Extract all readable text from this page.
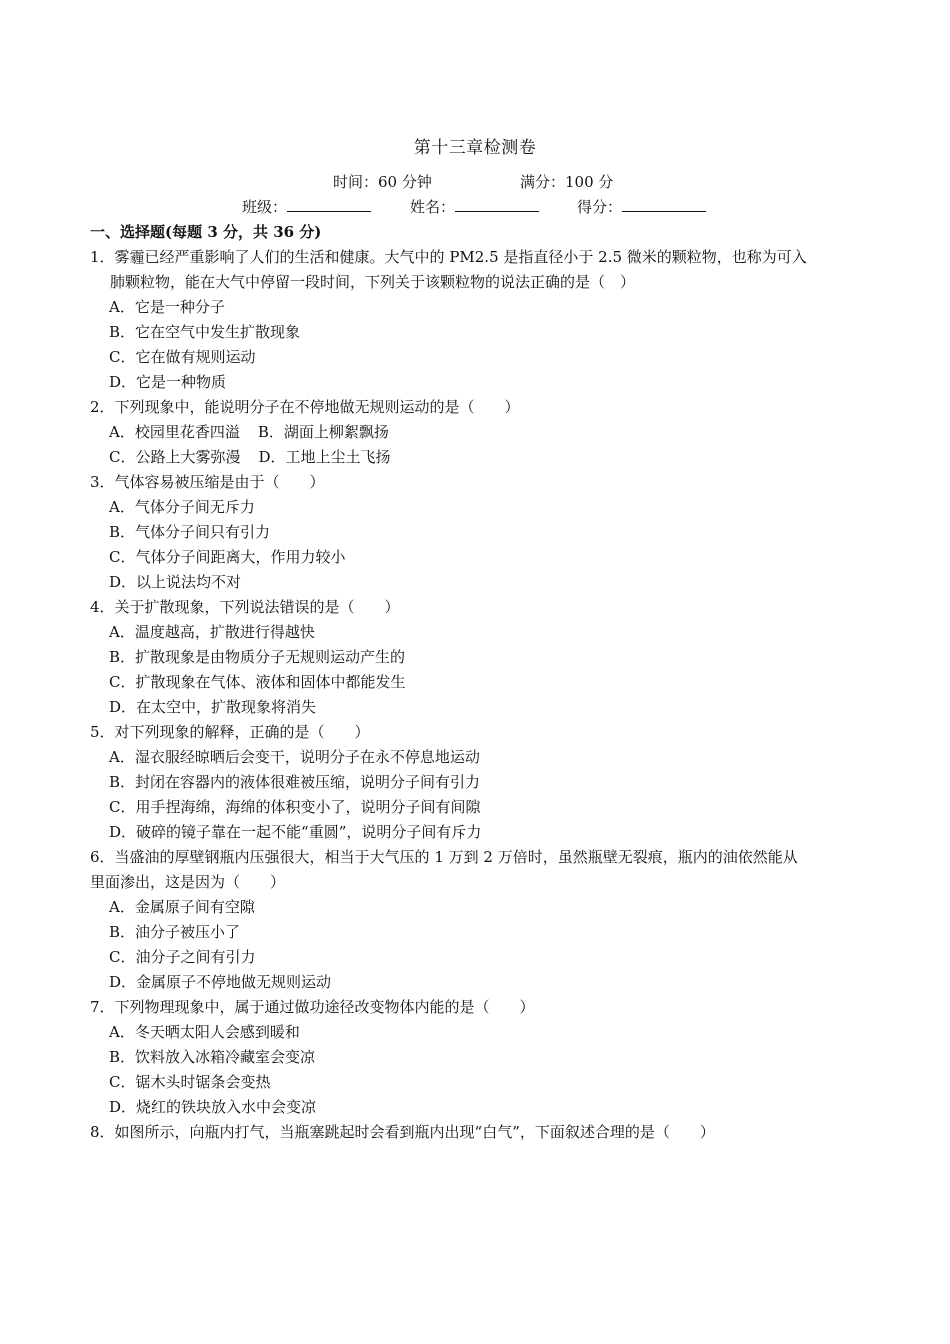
第十三章检测卷
时间：60 分钟	满分：100 分
班级：	姓名：	得分：
一、选择题(每题 3 分，共 36 分)
1．雾霾已经严重影响了人们的生活和健康。大气中的 PM2.5 是指直径小于 2.5 微米的颗粒物，也称为可入
肺颗粒物，能在大气中停留一段时间，下列关于该颗粒物的说法正确的是（　）
A．它是一种分子
B．它在空气中发生扩散现象
C．它在做有规则运动
D．它是一种物质
2．下列现象中，能说明分子在不停地做无规则运动的是（　　）
A．校园里花香四溢 B．湖面上柳絮飘扬
C．公路上大雾弥漫 D．工地上尘土飞扬
3．气体容易被压缩是由于（　　）
A．气体分子间无斥力
B．气体分子间只有引力
C．气体分子间距离大，作用力较小
D．以上说法均不对
4．关于扩散现象，下列说法错误的是（　　）
A．温度越高，扩散进行得越快
B．扩散现象是由物质分子无规则运动产生的
C．扩散现象在气体、液体和固体中都能发生
D．在太空中，扩散现象将消失
5．对下列现象的解释，正确的是（　　）
A．湿衣服经晾晒后会变干，说明分子在永不停息地运动
B．封闭在容器内的液体很难被压缩，说明分子间有引力
C．用手捏海绵，海绵的体积变小了，说明分子间有间隙
D．破碎的镜子靠在一起不能“重圆”，说明分子间有斥力
6．当盛油的厚壁钢瓶内压强很大，相当于大气压的 1 万到 2 万倍时，虽然瓶壁无裂痕，瓶内的油依然能从
里面渗出，这是因为（　　）
A．金属原子间有空隙
B．油分子被压小了
C．油分子之间有引力
D．金属原子不停地做无规则运动
7．下列物理现象中，属于通过做功途径改变物体内能的是（　　）
A．冬天晒太阳人会感到暖和
B．饮料放入冰箱冷藏室会变凉
C．锯木头时锯条会变热
D．烧红的铁块放入水中会变凉
8．如图所示，向瓶内打气，当瓶塞跳起时会看到瓶内出现“白气”，下面叙述合理的是（　　）
